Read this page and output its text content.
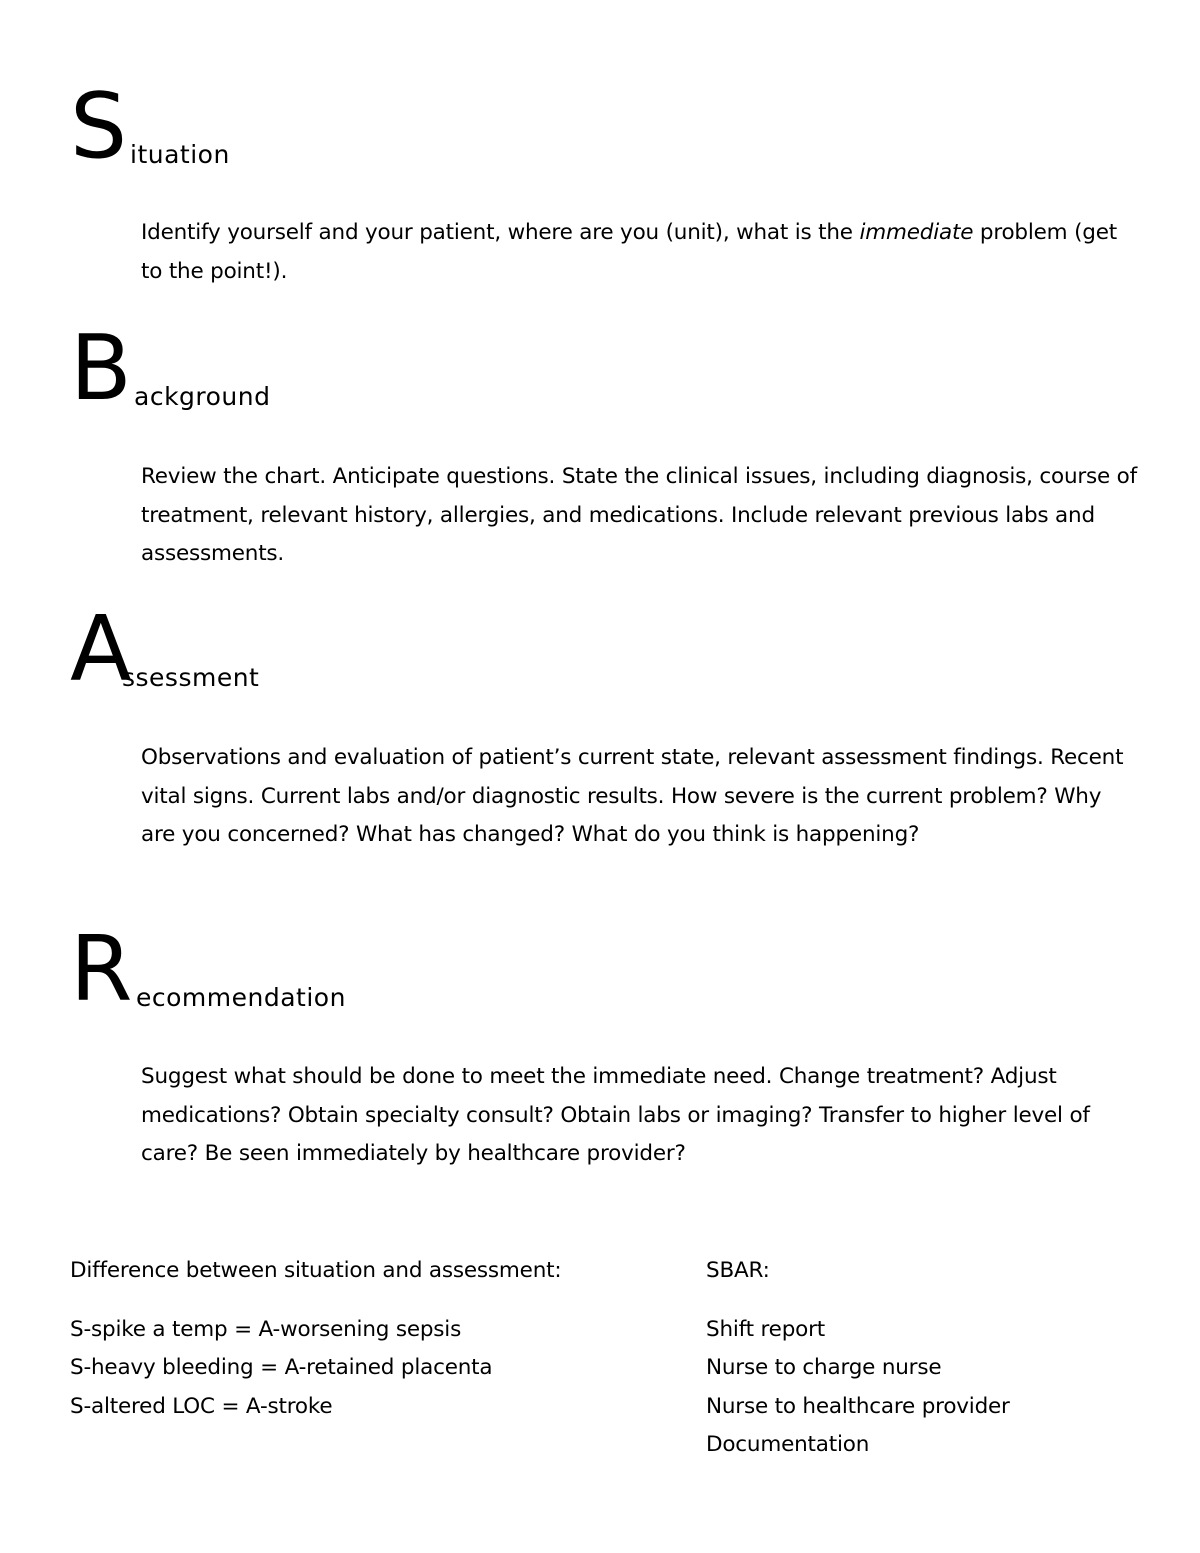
S ituation

Identify yourself and your patient, where are you (unit), what is the immediate problem (get to the point!).

B ackground

Review the chart. Anticipate questions. State the clinical issues, including diagnosis, course of treatment, relevant history, allergies, and medications. Include relevant previous labs and assessments.

A
ssessment

Observations and evaluation of patient’s current state, relevant assessment findings. Recent vital signs. Current labs and/or diagnostic results. How severe is the current problem? Why are you concerned? What has changed? What do you think is happening?

R ecommendation

Suggest what should be done to meet the immediate need. Change treatment? Adjust medications? Obtain specialty consult? Obtain labs or imaging? Transfer to higher level of care? Be seen immediately by healthcare provider?

Difference between situation and assessment:
S-spike a temp = A-worsening sepsis
S-heavy bleeding = A-retained placenta
S-altered LOC = A-stroke
SBAR:
Shift report
Nurse to charge nurse
Nurse to healthcare provider
Documentation
